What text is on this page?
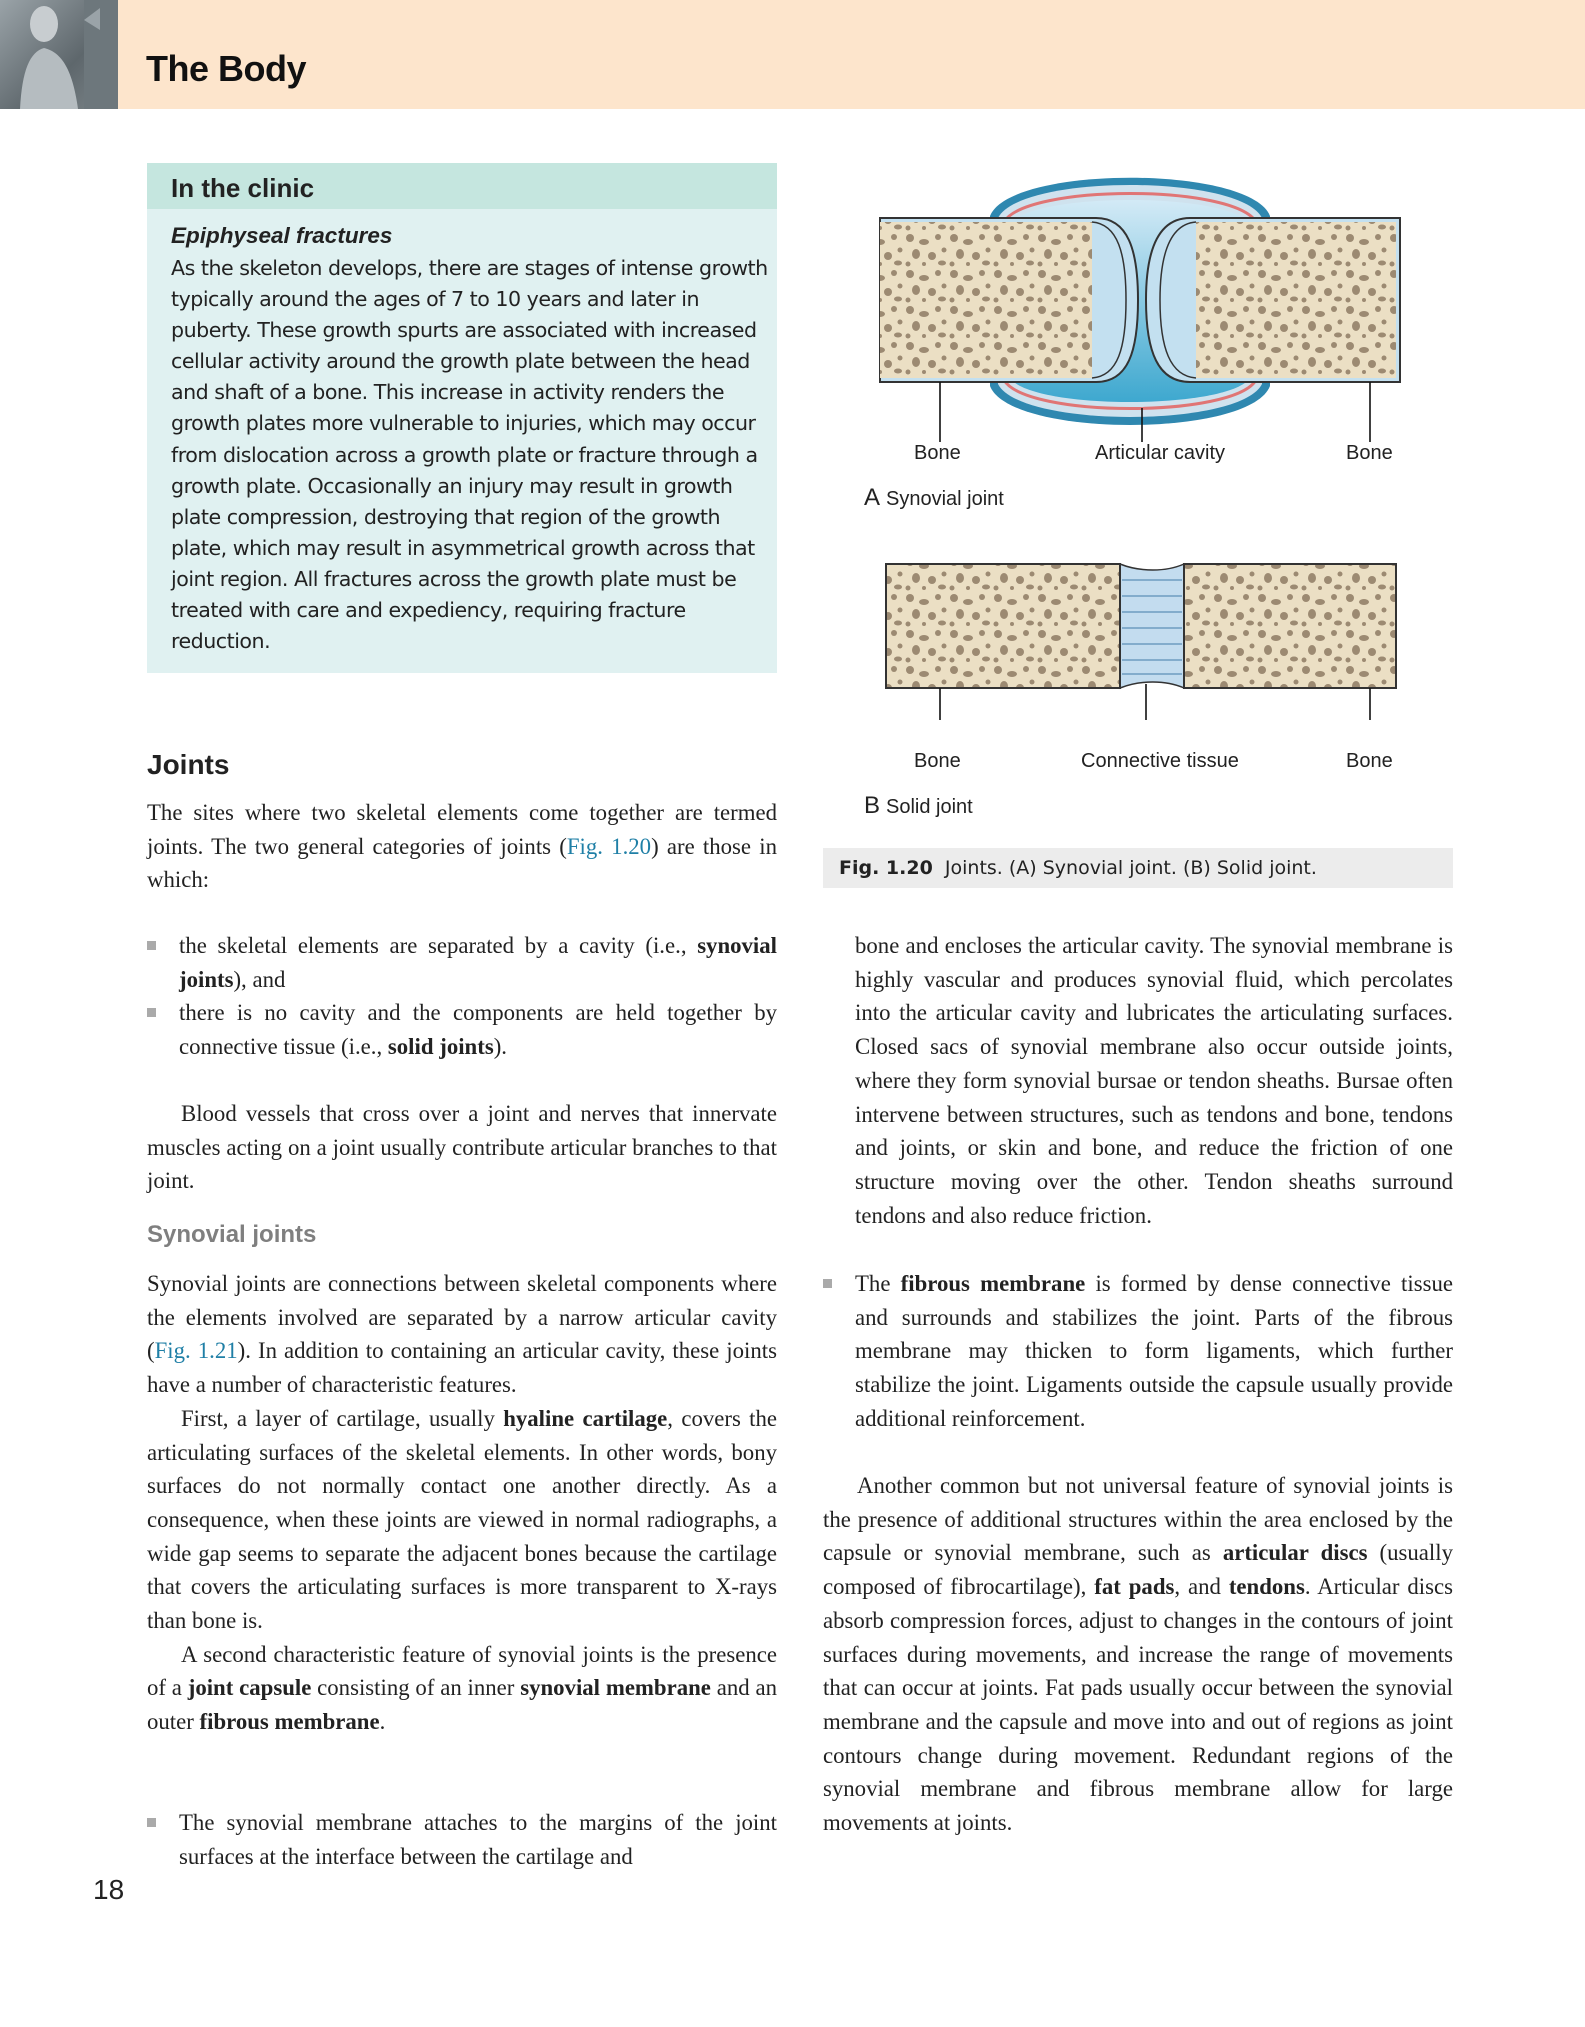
The Body
In the clinic
Epiphyseal fractures
As the skeleton develops, there are stages of intense growth typically around the ages of 7 to 10 years and later in puberty. These growth spurts are associated with increased cellular activity around the growth plate between the head and shaft of a bone. This increase in activity renders the growth plates more vulnerable to injuries, which may occur from dislocation across a growth plate or fracture through a growth plate. Occasionally an injury may result in growth plate compression, destroying that region of the growth plate, which may result in asymmetrical growth across that joint region. All fractures across the growth plate must be treated with care and expediency, requiring fracture reduction.
Bone	Articular cavity	Bone
A Synovial joint
Bone	Connective tissue	Bone
B Solid joint
Fig. 1.20 Joints. (A) Synovial joint. (B) Solid joint.
Joints

The sites where two skeletal elements come together are termed joints. The two general categories of joints (Fig. 1.20) are those in which:

the skeletal elements are separated by a cavity (i.e., synovial joints), and

there is no cavity and the components are held together by connective tissue (i.e., solid joints).

Blood vessels that cross over a joint and nerves that innervate muscles acting on a joint usually contribute articular branches to that joint.

Synovial joints

Synovial joints are connections between skeletal components where the elements involved are separated by a narrow articular cavity (Fig. 1.21). In addition to containing an articular cavity, these joints have a number of characteristic features.

First, a layer of cartilage, usually hyaline cartilage, covers the articulating surfaces of the skeletal elements. In other words, bony surfaces do not normally contact one another directly. As a consequence, when these joints are viewed in normal radiographs, a wide gap seems to separate the adjacent bones because the cartilage that covers the articulating surfaces is more transparent to X-rays than bone is.

A second characteristic feature of synovial joints is the presence of a joint capsule consisting of an inner synovial membrane and an outer fibrous membrane.

The synovial membrane attaches to the margins of the joint surfaces at the interface between the cartilage and

bone and encloses the articular cavity. The synovial membrane is highly vascular and produces synovial fluid, which percolates into the articular cavity and lubricates the articulating surfaces. Closed sacs of synovial membrane also occur outside joints, where they form synovial bursae or tendon sheaths. Bursae often intervene between structures, such as tendons and bone, tendons and joints, or skin and bone, and reduce the friction of one structure moving over the other. Tendon sheaths surround tendons and also reduce friction.

The fibrous membrane is formed by dense connective tissue and surrounds and stabilizes the joint. Parts of the fibrous membrane may thicken to form ligaments, which further stabilize the joint. Ligaments outside the capsule usually provide additional reinforcement.

Another common but not universal feature of synovial joints is the presence of additional structures within the area enclosed by the capsule or synovial membrane, such as articular discs (usually composed of fibrocartilage), fat pads, and tendons. Articular discs absorb compression forces, adjust to changes in the contours of joint surfaces during movements, and increase the range of movements that can occur at joints. Fat pads usually occur between the synovial membrane and the capsule and move into and out of regions as joint contours change during movement. Redundant regions of the synovial membrane and fibrous membrane allow for large movements at joints.

18
